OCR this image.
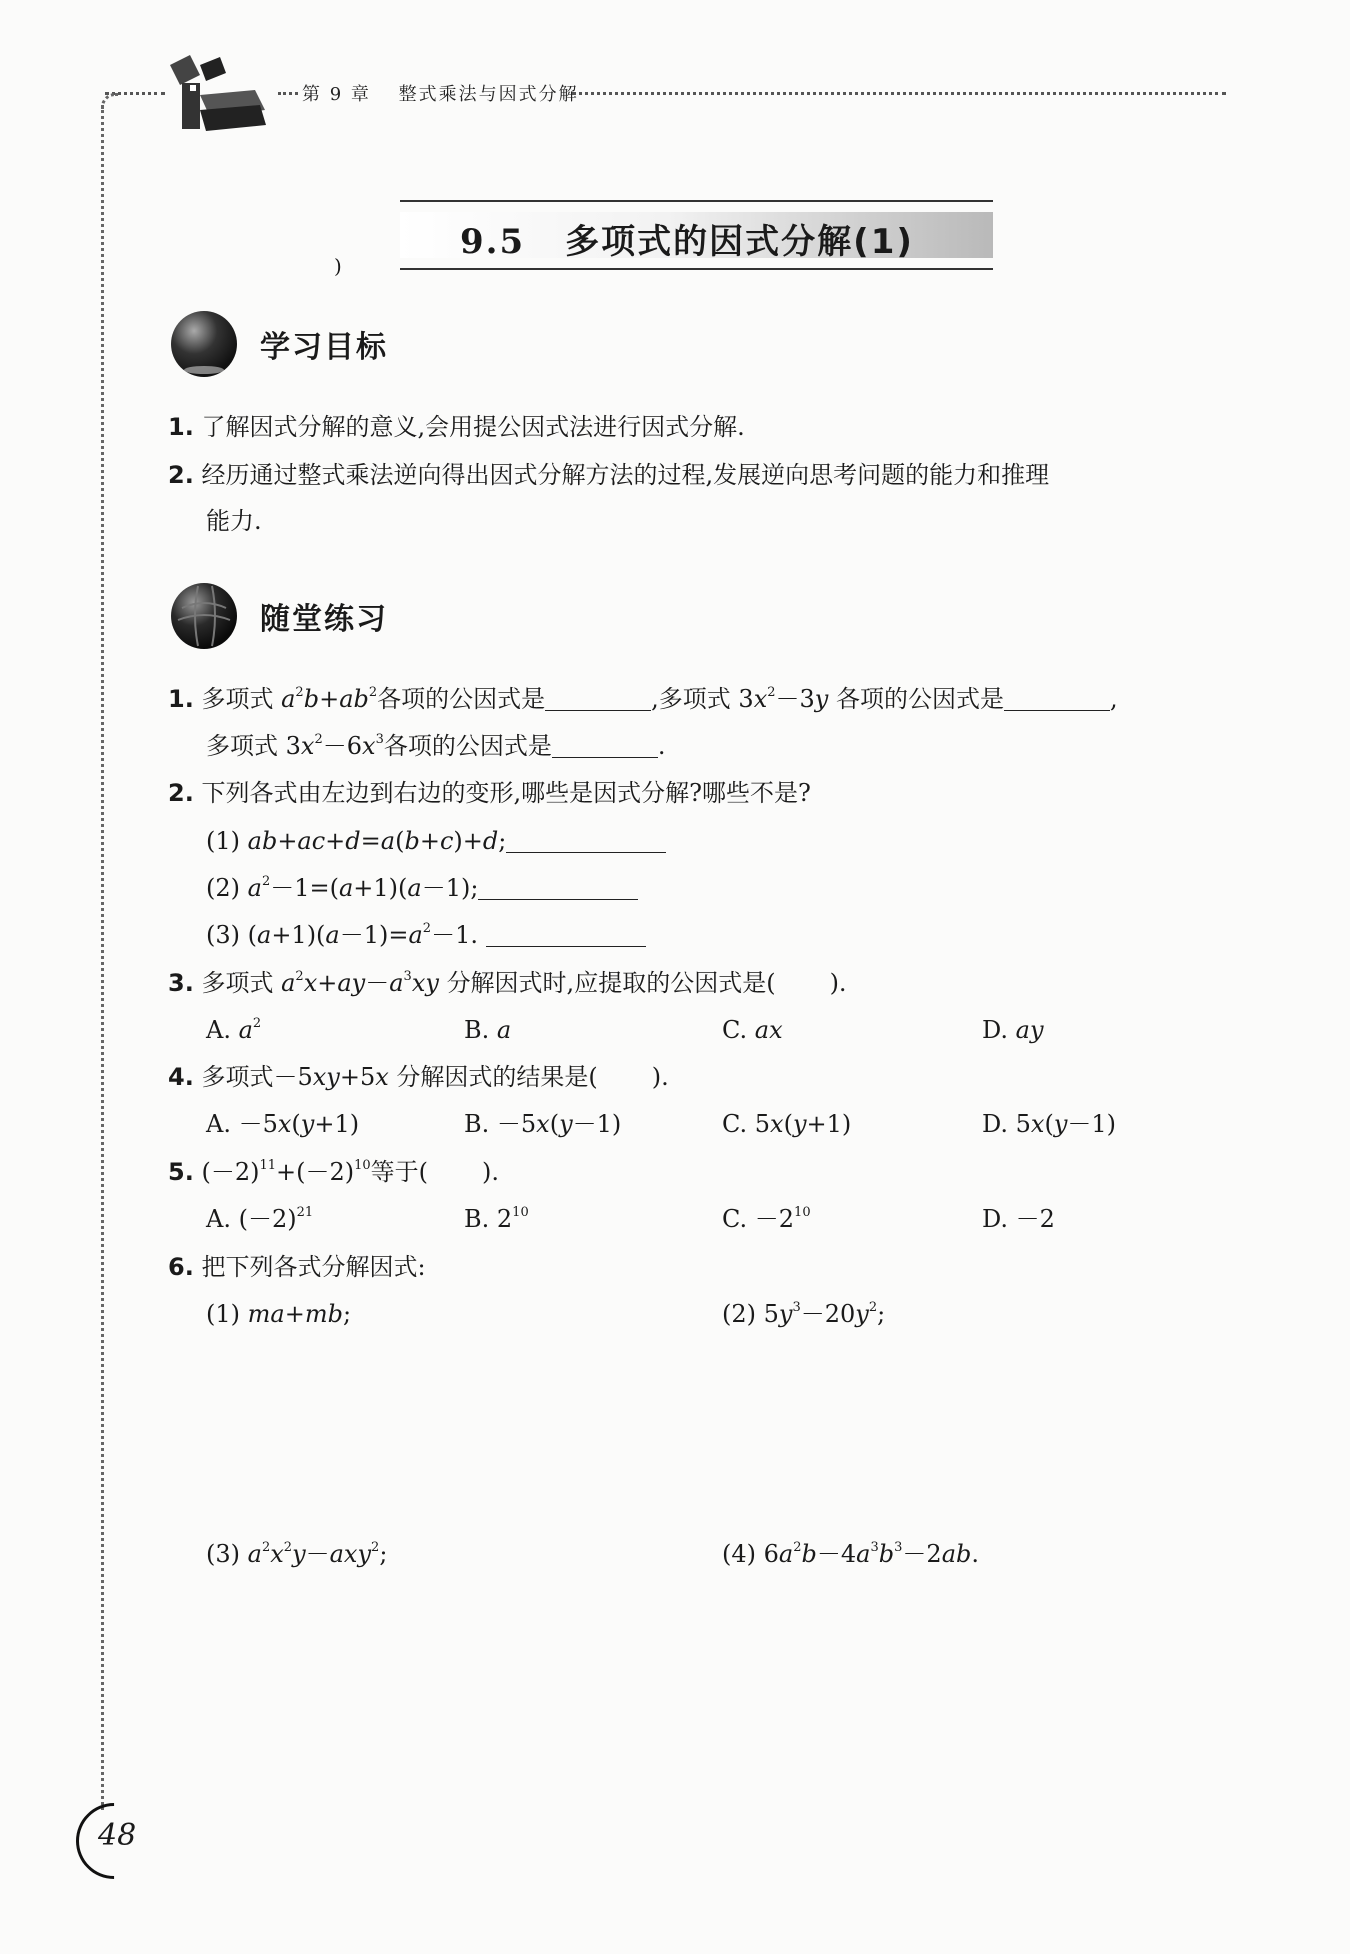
第 9 章　 整式乘法与因式分解
9.5 多项式的因式分解(1)
)
学习目标
1. 了解因式分解的意义,会用提公因式法进行因式分解.
2. 经历通过整式乘法逆向得出因式分解方法的过程,发展逆向思考问题的能力和推理
能力.
随堂练习
1. 多项式 $a^2b+ab^2$各项的公因式是	,多项式 $3x^2-3y$ 各项的公因式是	,
多项式 $3x^2-6x^3$各项的公因式是	.
2. 下列各式由左边到右边的变形,哪些是因式分解?哪些不是?
(1) ab+ac+d=a(b+c)+d;
(2) $a^2-1=(a+1)(a-1)$;
(3) $(a+1)(a-1)=a^2-1$.
3. 多项式 $a^2x+ay-a^3xy$ 分解因式时,应提取的公因式是( ).
A. $a^2$	B. a	C. ax	D. ay
4. 多项式－5xy+5x 分解因式的结果是( ).
A. －5x(y+1)	B. －5x(y－1)	C. 5x(y+1)	D. 5x(y－1)
5. $(-2)^{11}+(-2)^{10}$等于( ).
A. $(-2)^{21}$	B. $2^{10}$	C. $-2^{10}$	D. －2
6. 把下列各式分解因式:
(1) ma+mb;	(2) $5y^3-20y^2$;
(3) $a^2x^2y-axy^2$;	(4) $6a^2b-4a^3b^3-2ab$.
48
